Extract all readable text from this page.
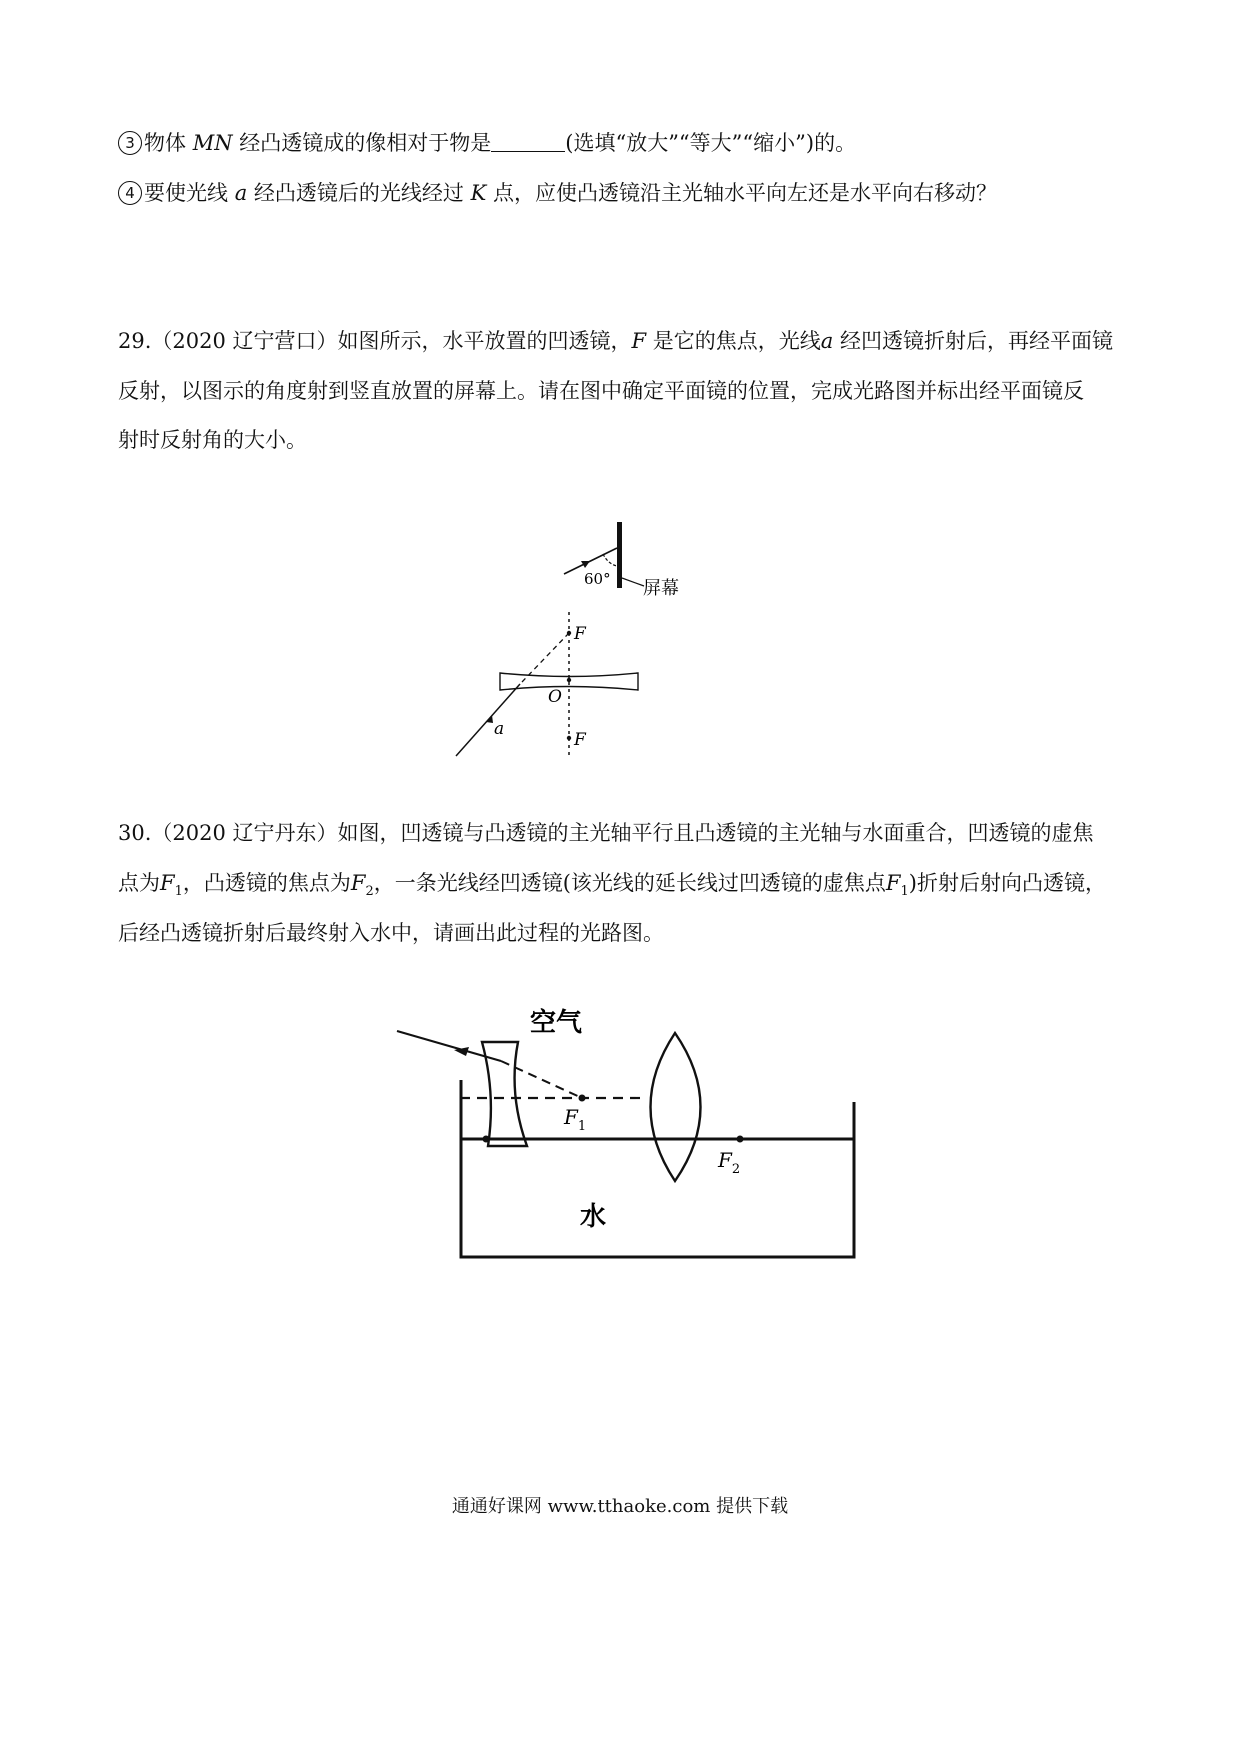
3 物体 MN 经凸透镜成的像相对于物是	(选填“放大”“等大”“缩小”)的。
4 要使光线 a 经凸透镜后的光线经过 K 点，应使凸透镜沿主光轴水平向左还是水平向右移动？
29.（2020 辽宁营口）如图所示，水平放置的凹透镜，F 是它的焦点，光线a 经凹透镜折射后，再经平面镜
反射，以图示的角度射到竖直放置的屏幕上。请在图中确定平面镜的位置，完成光路图并标出经平面镜反
射时反射角的大小。
屏幕
60°
F
O
a
F
30.（2020 辽宁丹东）如图，凹透镜与凸透镜的主光轴平行且凸透镜的主光轴与水面重合，凹透镜的虚焦
点为$F_1$，凸透镜的焦点为$F_2$，一条光线经凹透镜(该光线的延长线过凹透镜的虚焦点$F_1$)折射后射向凸透镜，
后经凸透镜折射后最终射入水中，请画出此过程的光路图。
空气
$F_1$
$F_2$
水
通通好课网 www.tthaoke.com 提供下载
